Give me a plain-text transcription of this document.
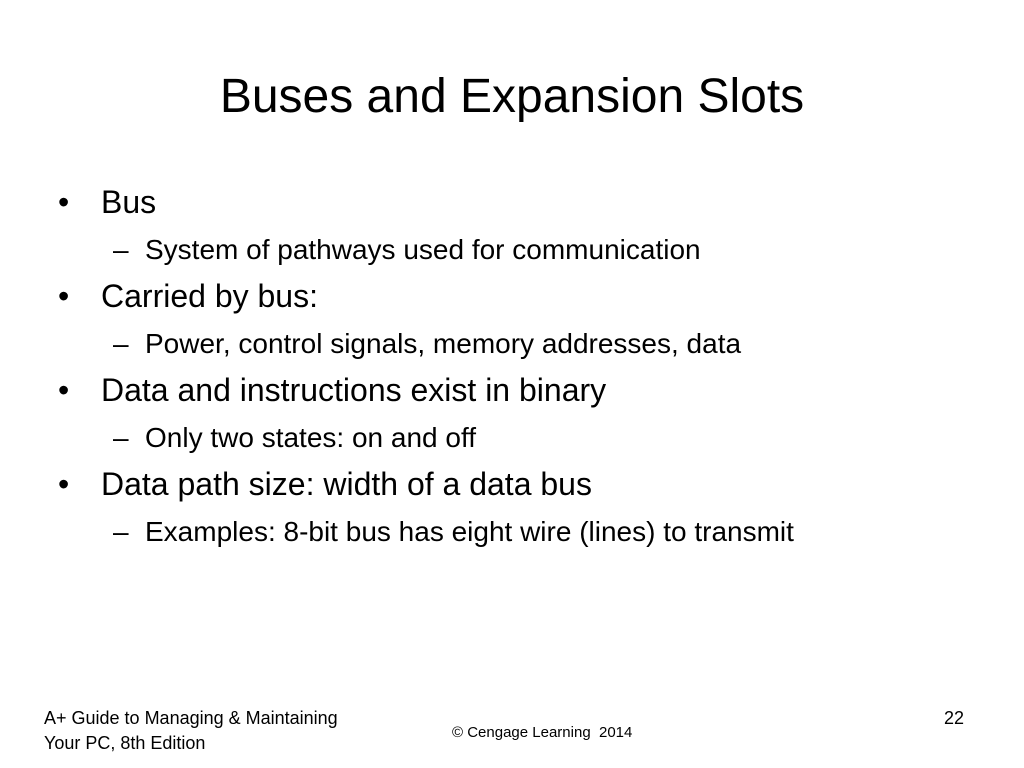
Buses and Expansion Slots
• Bus
– System of pathways used for communication
• Carried by bus:
– Power, control signals, memory addresses, data
• Data and instructions exist in binary
– Only two states: on and off
• Data path size: width of a data bus
– Examples: 8-bit bus has eight wire (lines) to transmit
A+ Guide to Managing & Maintaining
Your PC, 8th Edition
© Cengage Learning  2014
22
